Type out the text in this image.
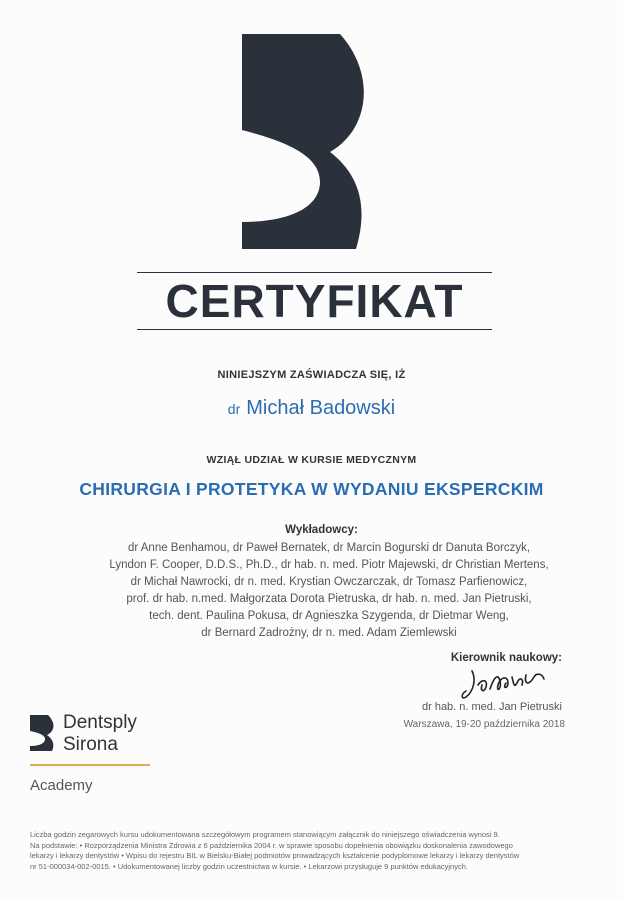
CERTYFIKAT
NINIEJSZYM ZAŚWIADCZA SIĘ, IŻ
dr Michał Badowski
WZIĄŁ UDZIAŁ W KURSIE MEDYCZNYM
CHIRURGIA I PROTETYKA W WYDANIU EKSPERCKIM
Wykładowcy:
dr Anne Benhamou, dr Paweł Bernatek, dr Marcin Bogurski dr Danuta Borczyk,
Lyndon F. Cooper, D.D.S., Ph.D., dr hab. n. med. Piotr Majewski, dr Christian Mertens,
dr Michał Nawrocki, dr n. med. Krystian Owczarczak, dr Tomasz Parfienowicz,
prof. dr hab. n.med. Małgorzata Dorota Pietruska, dr hab. n. med. Jan Pietruski,
tech. dent. Paulina Pokusa, dr Agnieszka Szygenda, dr Dietmar Weng,
dr Bernard Zadrożny, dr n. med. Adam Ziemlewski
Kierownik naukowy:
dr hab. n. med. Jan Pietruski
Warszawa, 19-20 października 2018
Dentsply
Sirona
Academy
Liczba godzin zegarowych kursu udokumentowana szczegółowym programem stanowiącym załącznik do niniejszego oświadczenia wynosi 9.
Na podstawie: • Rozporządzenia Ministra Zdrowia z 6 października 2004 r. w sprawie sposobu dopełnienia obowiązku doskonalenia zawodowego
lekarzy i lekarzy dentystów • Wpisu do rejestru BIL w Bielsku-Białej podmiotów prowadzących kształcenie podyplomowe lekarzy i lekarzy dentystów
nr 51-000034-002-0015. • Udokumentowanej liczby godzin uczestnictwa w kursie. • Lekarzowi przysługuje 9 punktów edukacyjnych.
